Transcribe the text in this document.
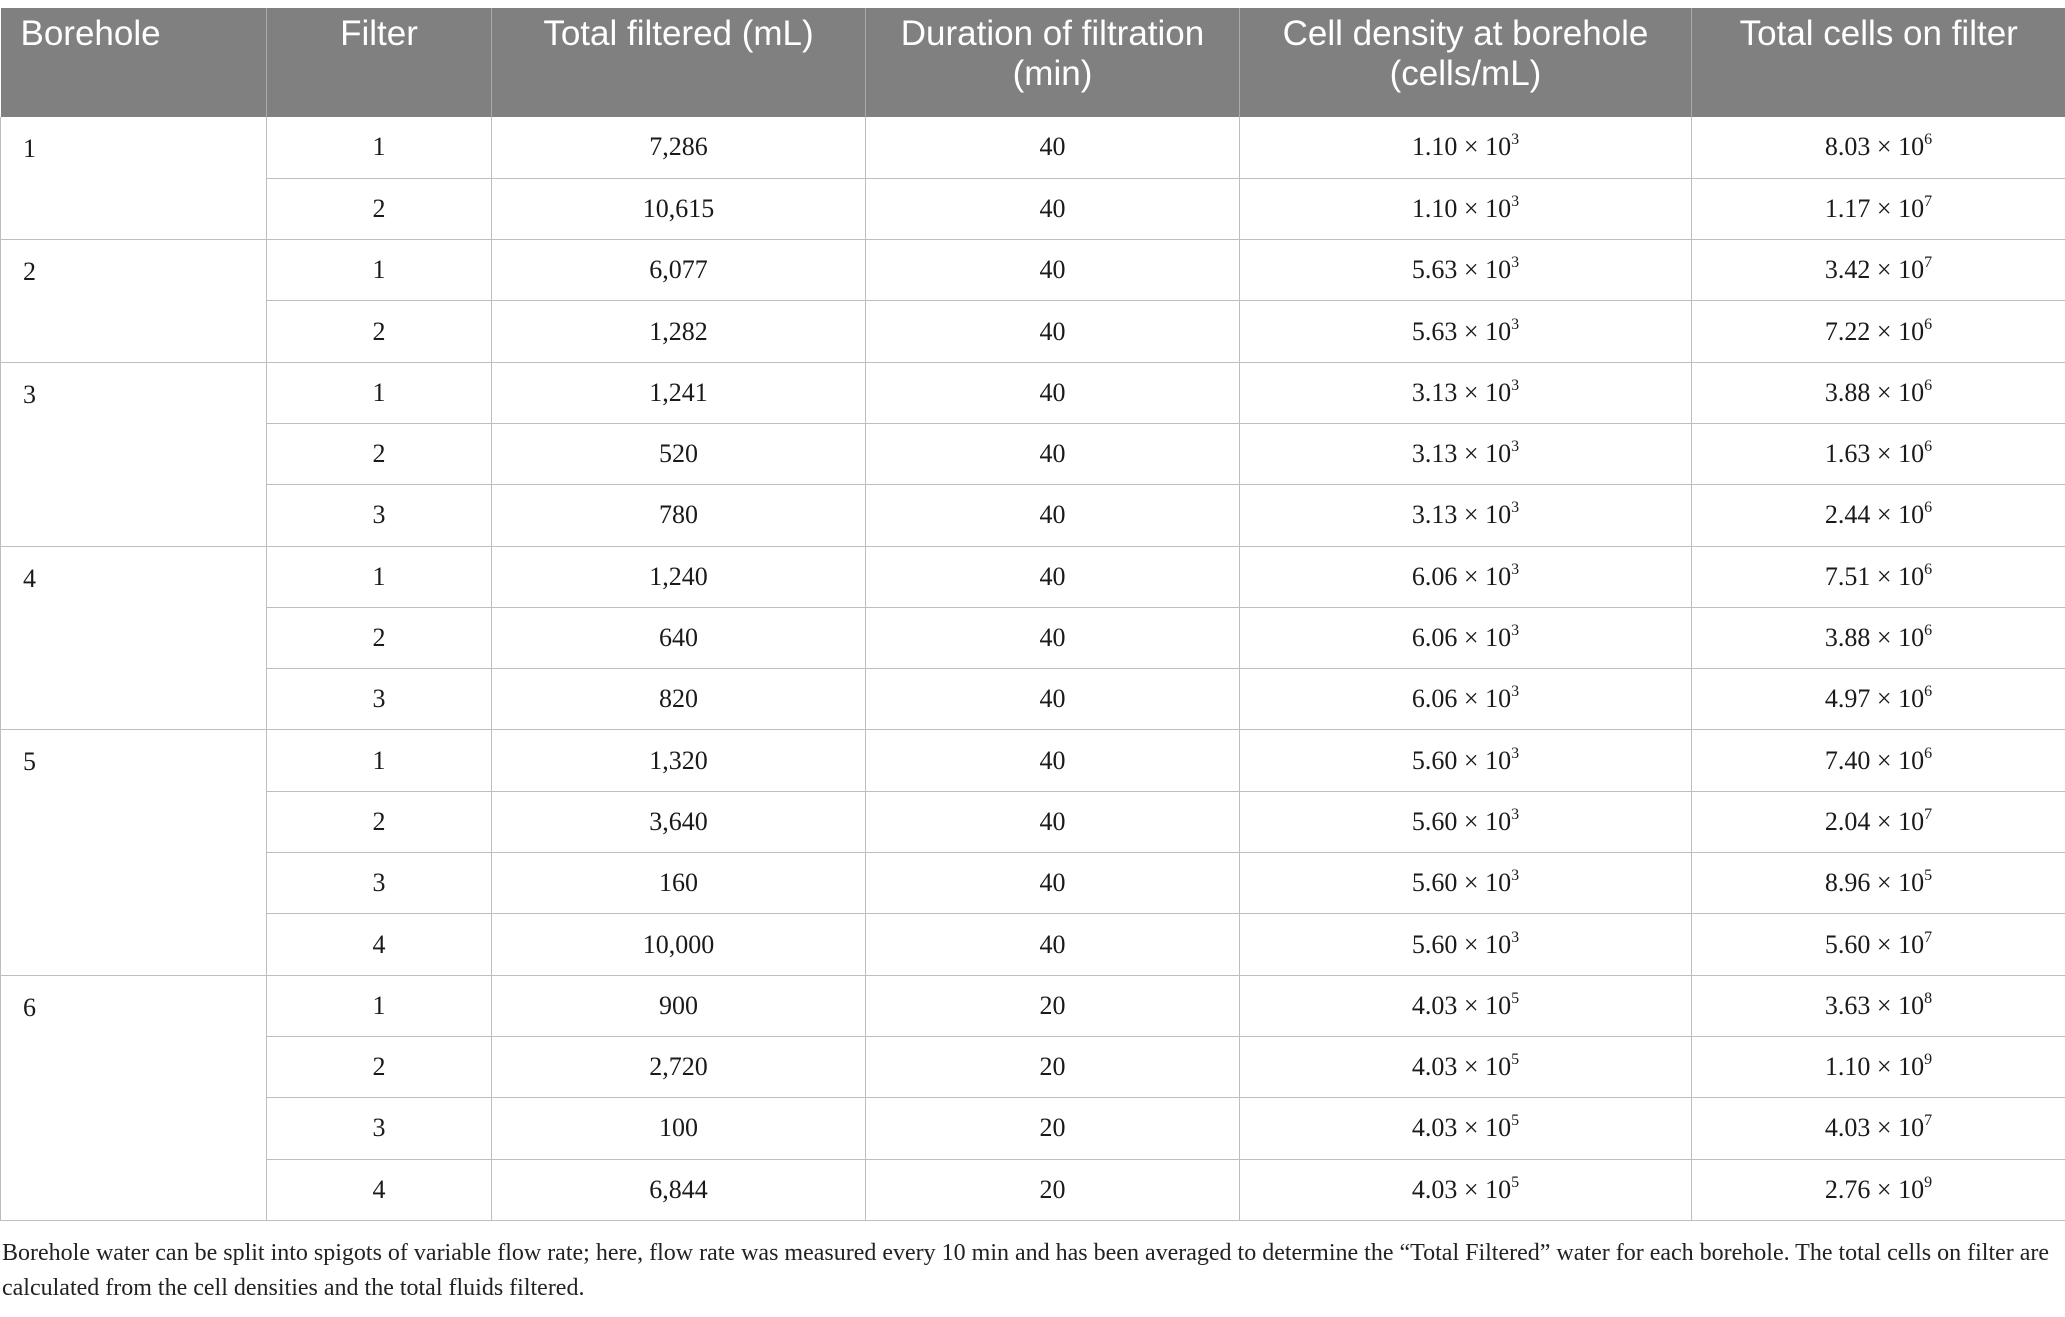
Borehole	Filter	Total filtered (mL)	Duration of filtration (min)	Cell density at borehole (cells/mL)	Total cells on filter
1	1	7,286	40	$1.10 \times 10^3$	$8.03 \times 10^6$
	2	10,615	40	$1.10 \times 10^3$	$1.17 \times 10^7$
2	1	6,077	40	$5.63 \times 10^3$	$3.42 \times 10^7$
	2	1,282	40	$5.63 \times 10^3$	$7.22 \times 10^6$
3	1	1,241	40	$3.13 \times 10^3$	$3.88 \times 10^6$
	2	520	40	$3.13 \times 10^3$	$1.63 \times 10^6$
	3	780	40	$3.13 \times 10^3$	$2.44 \times 10^6$
4	1	1,240	40	$6.06 \times 10^3$	$7.51 \times 10^6$
	2	640	40	$6.06 \times 10^3$	$3.88 \times 10^6$
	3	820	40	$6.06 \times 10^3$	$4.97 \times 10^6$
5	1	1,320	40	$5.60 \times 10^3$	$7.40 \times 10^6$
	2	3,640	40	$5.60 \times 10^3$	$2.04 \times 10^7$
	3	160	40	$5.60 \times 10^3$	$8.96 \times 10^5$
	4	10,000	40	$5.60 \times 10^3$	$5.60 \times 10^7$
6	1	900	20	$4.03 \times 10^5$	$3.63 \times 10^8$
	2	2,720	20	$4.03 \times 10^5$	$1.10 \times 10^9$
	3	100	20	$4.03 \times 10^5$	$4.03 \times 10^7$
	4	6,844	20	$4.03 \times 10^5$	$2.76 \times 10^9$
Borehole water can be split into spigots of variable flow rate; here, flow rate was measured every 10 min and has been averaged to determine the “Total Filtered” water for each borehole. The total cells on filter are calculated from the cell densities and the total fluids filtered.
